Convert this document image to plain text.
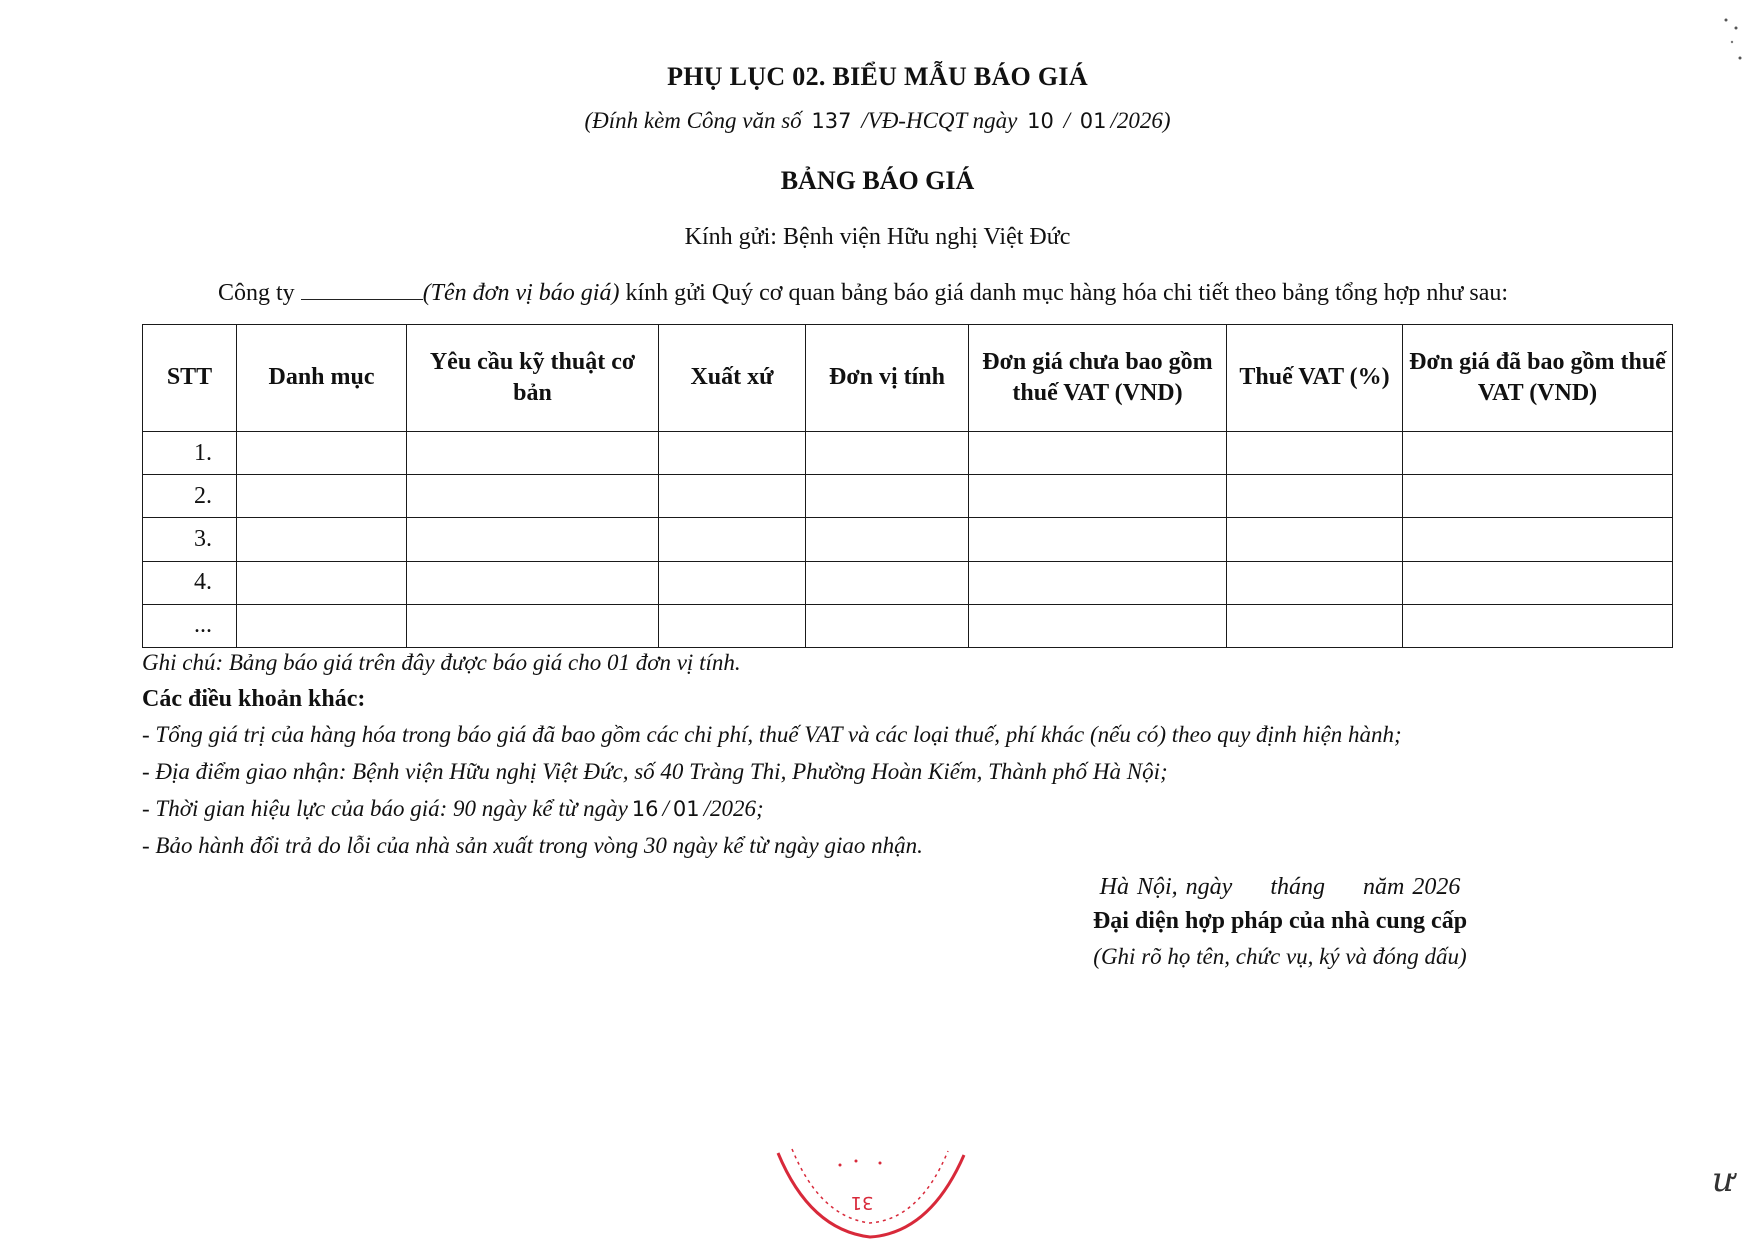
PHỤ LỤC 02. BIỂU MẪU BÁO GIÁ
(Đính kèm Công văn số 137 /VĐ-HCQT ngày 10 / 01 /2026)
BẢNG BÁO GIÁ
Kính gửi: Bệnh viện Hữu nghị Việt Đức
Công ty	(Tên đơn vị báo giá) kính gửi Quý cơ quan bảng báo giá danh mục hàng hóa chi tiết theo bảng tổng hợp như sau:
STT	Danh mục	Yêu cầu kỹ thuật cơ bản	Xuất xứ	Đơn vị tính	Đơn giá chưa bao gồm thuế VAT (VND)	Thuế VAT (%)	Đơn giá đã bao gồm thuế VAT (VND)
1.							
2.							
3.							
4.							
...							
Ghi chú: Bảng báo giá trên đây được báo giá cho 01 đơn vị tính.
Các điều khoản khác:
- Tổng giá trị của hàng hóa trong báo giá đã bao gồm các chi phí, thuế VAT và các loại thuế, phí khác (nếu có) theo quy định hiện hành;
- Địa điểm giao nhận: Bệnh viện Hữu nghị Việt Đức, số 40 Tràng Thi, Phường Hoàn Kiếm, Thành phố Hà Nội;
- Thời gian hiệu lực của báo giá: 90 ngày kể từ ngày 16 / 01 /2026;
- Bảo hành đổi trả do lỗi của nhà sản xuất trong vòng 30 ngày kể từ ngày giao nhận.
Hà Nội, ngày tháng năm 2026
Đại diện hợp pháp của nhà cung cấp
(Ghi rõ họ tên, chức vụ, ký và đóng dấu)
31
ư
